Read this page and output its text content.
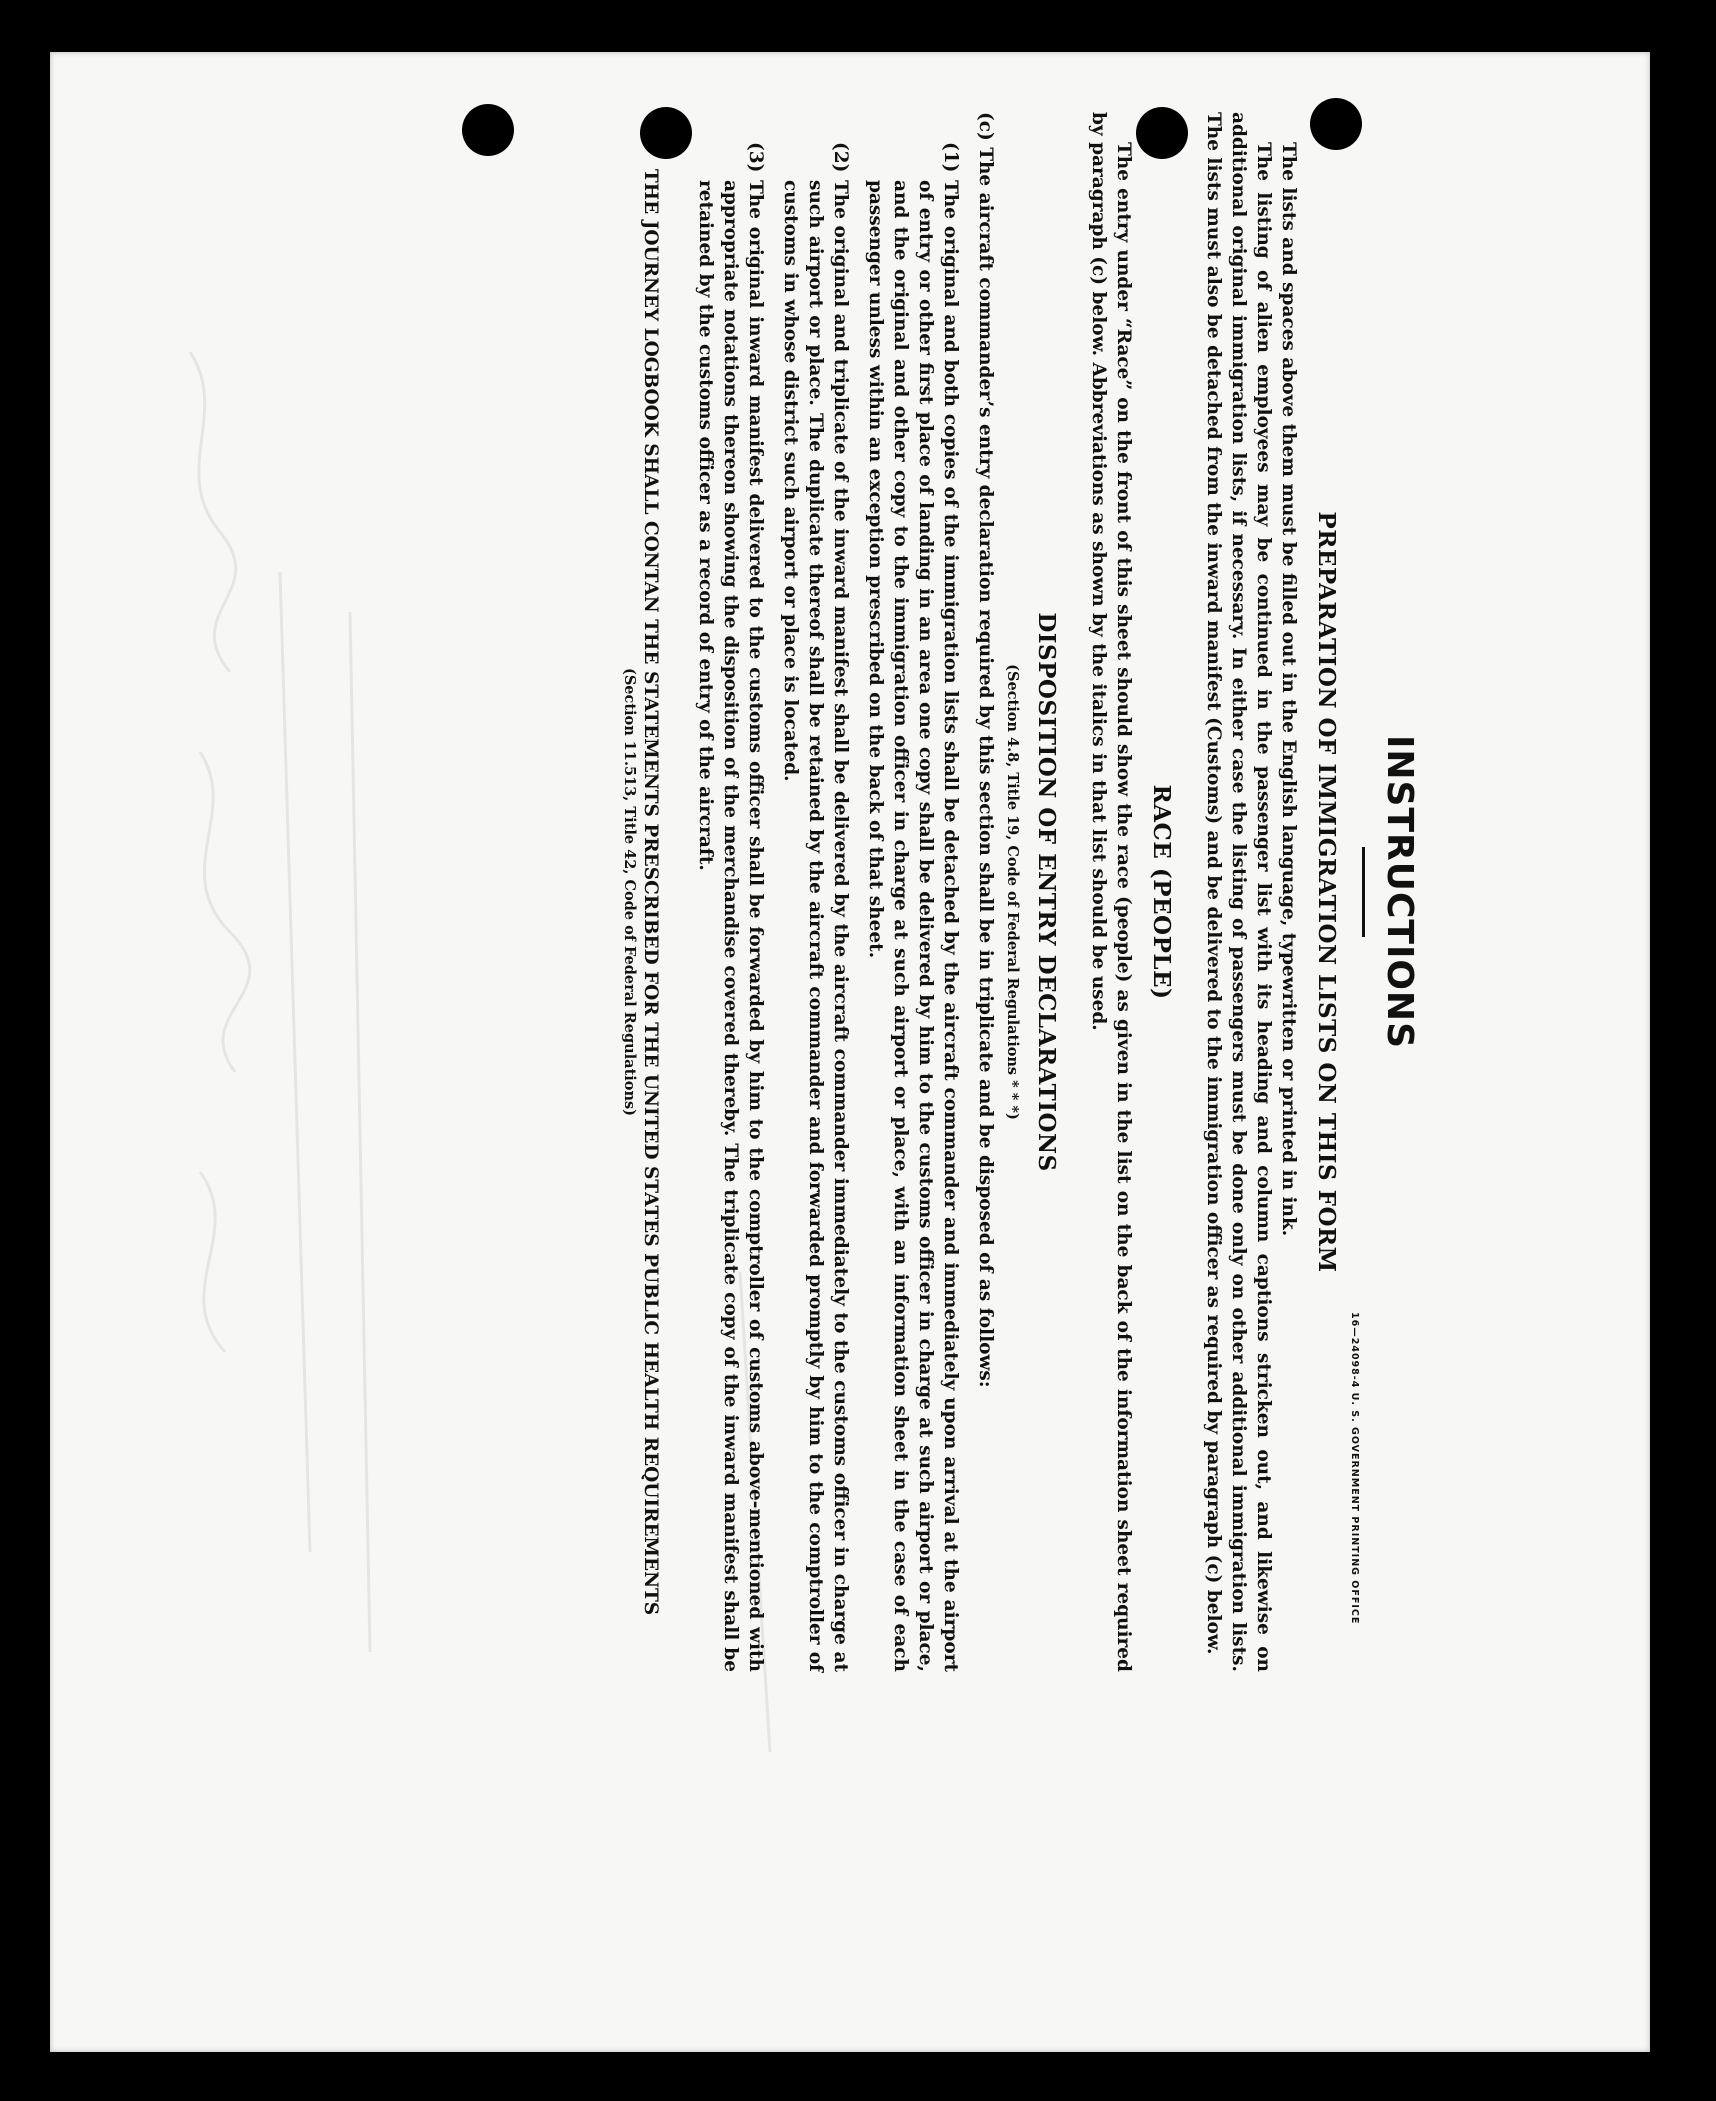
INSTRUCTIONS
PREPARATION OF IMMIGRATION LISTS ON THIS FORM

The lists and spaces above them must be filled out in the English language, typewritten or printed in ink.

The listing of alien employees may be continued in the passenger list with its heading and column captions stricken out, and likewise on additional original immigration lists, if necessary. In either case the listing of passengers must be done only on other additional immigration lists. The lists must also be detached from the inward manifest (Customs) and be delivered to the immigration officer as required by paragraph (c) below.

RACE (PEOPLE)

The entry under “Race” on the front of this sheet should show the race (people) as given in the list on the back of the information sheet required by paragraph (c) below. Abbreviations as shown by the italics in that list should be used.

DISPOSITION OF ENTRY DECLARATIONS
(Section 4.8, Title 19, Code of Federal Regulations * * *)

(c) The aircraft commander’s entry declaration required by this section shall be in triplicate and be disposed of as follows:

(1)
The original and both copies of the immigration lists shall be detached by the aircraft commander and immediately upon arrival at the airport of entry or other first place of landing in an area one copy shall be delivered by him to the customs officer in charge at such airport or place, and the original and other copy to the immigration officer in charge at such airport or place, with an information sheet in the case of each passenger unless within an exception prescribed on the back of that sheet.
(2)
The original and triplicate of the inward manifest shall be delivered by the aircraft commander immediately to the customs officer in charge at such airport or place. The duplicate thereof shall be retained by the aircraft commander and forwarded promptly by him to the comptroller of customs in whose district such airport or place is located.
(3)
The original inward manifest delivered to the customs officer shall be forwarded by him to the comptroller of customs above-mentioned with appropriate notations thereon showing the disposition of the merchandise covered thereby. The triplicate copy of the inward manifest shall be retained by the customs officer as a record of entry of the aircraft.
THE JOURNEY LOGBOOK SHALL CONTAN THE STATEMENTS PRESCRIBED FOR THE UNITED STATES PUBLIC HEALTH REQUIREMENTS
(Section 11.513, Title 42, Code of Federal Regulations)
16—24098-4 U. S. GOVERNMENT PRINTING OFFICE
